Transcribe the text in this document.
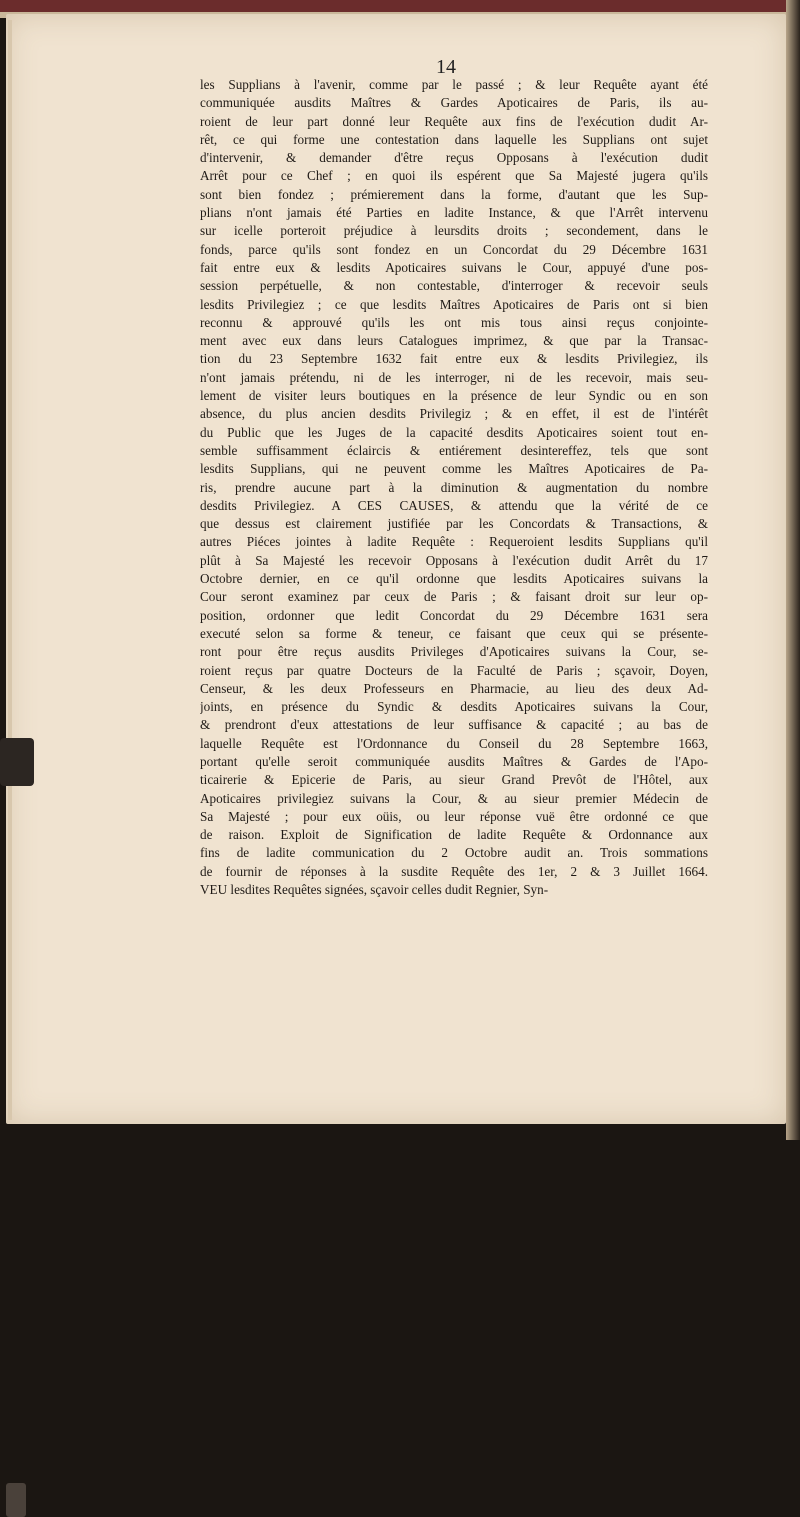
14
les Supplians à l'avenir, comme par le passé ; & leur Requête ayant été
communiquée ausdits Maîtres & Gardes Apoticaires de Paris, ils au-
roient de leur part donné leur Requête aux fins de l'exécution dudit Ar-
rêt, ce qui forme une contestation dans laquelle les Supplians ont sujet
d'intervenir, & demander d'être reçus Opposans à l'exécution dudit
Arrêt pour ce Chef ; en quoi ils espérent que Sa Majesté jugera qu'ils
sont bien fondez ; prémierement dans la forme, d'autant que les Sup-
plians n'ont jamais été Parties en ladite Instance, & que l'Arrêt intervenu
sur icelle porteroit préjudice à leursdits droits ; secondement, dans le
fonds, parce qu'ils sont fondez en un Concordat du 29 Décembre 1631
fait entre eux & lesdits Apoticaires suivans le Cour, appuyé d'une pos-
session perpétuelle, & non contestable, d'interroger & recevoir seuls
lesdits Privilegiez ; ce que lesdits Maîtres Apoticaires de Paris ont si bien
reconnu & approuvé qu'ils les ont mis tous ainsi reçus conjointe-
ment avec eux dans leurs Catalogues imprimez, & que par la Transac-
tion du 23 Septembre 1632 fait entre eux & lesdits Privilegiez, ils
n'ont jamais prétendu, ni de les interroger, ni de les recevoir, mais seu-
lement de visiter leurs boutiques en la présence de leur Syndic ou en son
absence, du plus ancien desdits Privilegiz ; & en effet, il est de l'intérêt
du Public que les Juges de la capacité desdits Apoticaires soient tout en-
semble suffisamment éclaircis & entiérement desintereffez, tels que sont
lesdits Supplians, qui ne peuvent comme les Maîtres Apoticaires de Pa-
ris, prendre aucune part à la diminution & augmentation du nombre
desdits Privilegiez. A CES CAUSES, & attendu que la vérité de ce
que dessus est clairement justifiée par les Concordats & Transactions, &
autres Piéces jointes à ladite Requête : Requeroient lesdits Supplians qu'il
plût à Sa Majesté les recevoir Opposans à l'exécution dudit Arrêt du 17
Octobre dernier, en ce qu'il ordonne que lesdits Apoticaires suivans la
Cour seront examinez par ceux de Paris ; & faisant droit sur leur op-
position, ordonner que ledit Concordat du 29 Décembre 1631 sera
executé selon sa forme & teneur, ce faisant que ceux qui se présente-
ront pour être reçus ausdits Privileges d'Apoticaires suivans la Cour, se-
roient reçus par quatre Docteurs de la Faculté de Paris ; sçavoir, Doyen,
Censeur, & les deux Professeurs en Pharmacie, au lieu des deux Ad-
joints, en présence du Syndic & desdits Apoticaires suivans la Cour,
& prendront d'eux attestations de leur suffisance & capacité ; au bas de
laquelle Requête est l'Ordonnance du Conseil du 28 Septembre 1663,
portant qu'elle seroit communiquée ausdits Maîtres & Gardes de l'Apo-
ticairerie & Epicerie de Paris, au sieur Grand Prevôt de l'Hôtel, aux
Apoticaires privilegiez suivans la Cour, & au sieur premier Médecin de
Sa Majesté ; pour eux oüis, ou leur réponse vuë être ordonné ce que
de raison. Exploit de Signification de ladite Requête & Ordonnance aux
fins de ladite communication du 2 Octobre audit an. Trois sommations
de fournir de réponses à la susdite Requête des 1er, 2 & 3 Juillet 1664.
VEU lesdites Requêtes signées, sçavoir celles dudit Regnier, Syn-
